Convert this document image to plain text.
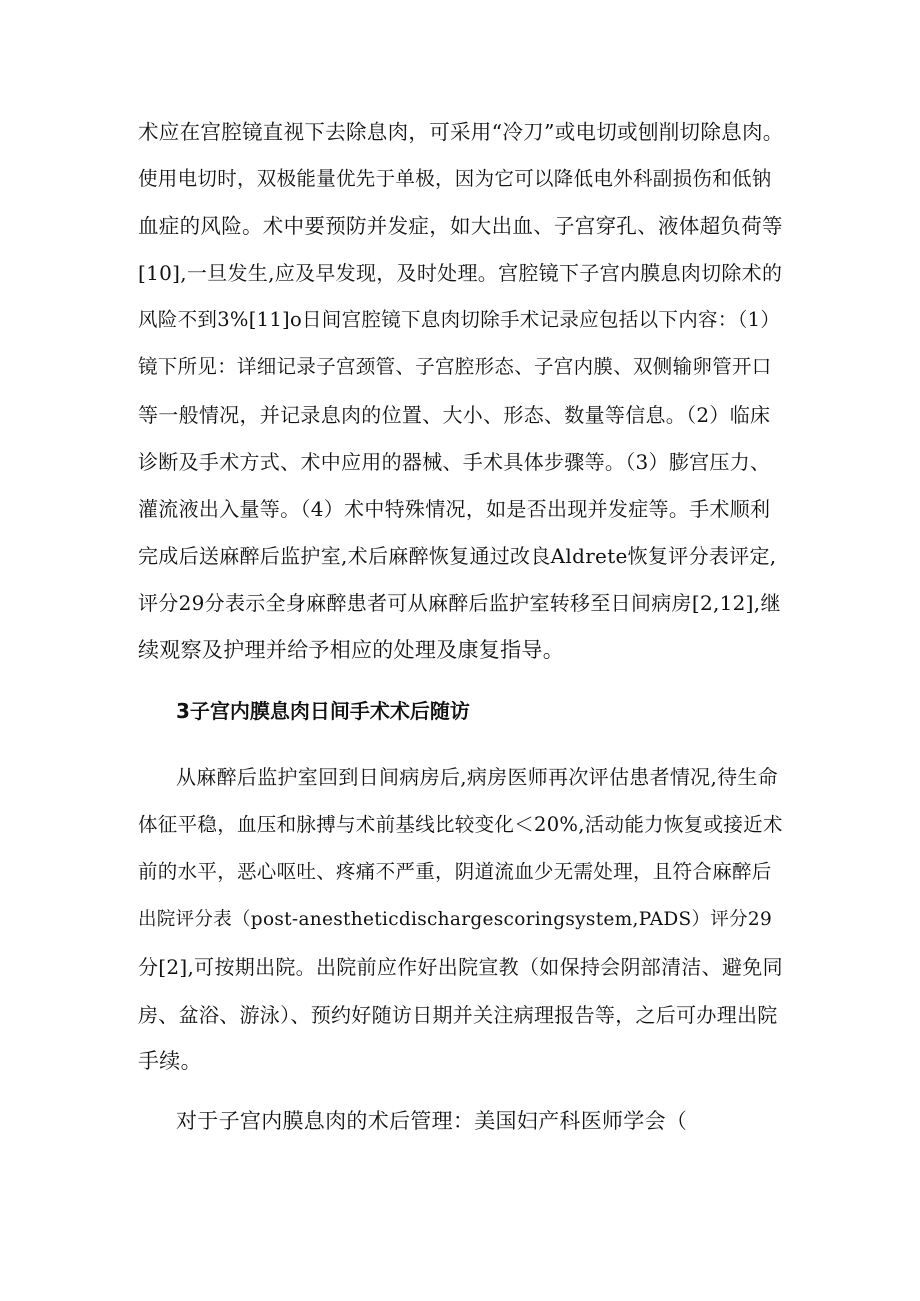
术应在宫腔镜直视下去除息肉，可采用“冷刀”或电切或刨削切除息肉。
使用电切时，双极能量优先于单极，因为它可以降低电外科副损伤和低钠
血症的风险。术中要预防并发症，如大出血、子宫穿孔、液体超负荷等
[10],一旦发生,应及早发现，及时处理。宫腔镜下子宫内膜息肉切除术的
风险不到3%[11]o日间宫腔镜下息肉切除手术记录应包括以下内容：（1）
镜下所见：详细记录子宫颈管、子宫腔形态、子宫内膜、双侧输卵管开口
等一般情况，并记录息肉的位置、大小、形态、数量等信息。（2）临床
诊断及手术方式、术中应用的器械、手术具体步骤等。（3）膨宫压力、
灌流液出入量等。（4）术中特殊情况，如是否出现并发症等。手术顺利
完成后送麻醉后监护室,术后麻醉恢复通过改良Aldrete恢复评分表评定,
评分29分表示全身麻醉患者可从麻醉后监护室转移至日间病房[2,12],继
续观察及护理并给予相应的处理及康复指导。
3子宫内膜息肉日间手术术后随访
从麻醉后监护室回到日间病房后,病房医师再次评估患者情况,待生命
体征平稳，血压和脉搏与术前基线比较变化＜20%,活动能力恢复或接近术
前的水平，恶心呕吐、疼痛不严重，阴道流血少无需处理，且符合麻醉后
出院评分表（post-anestheticdischargescoringsystem,PADS）评分29
分[2],可按期出院。出院前应作好出院宣教（如保持会阴部清洁、避免同
房、盆浴、游泳）、预约好随访日期并关注病理报告等，之后可办理出院
手续。
对于子宫内膜息肉的术后管理：美国妇产科医师学会（
